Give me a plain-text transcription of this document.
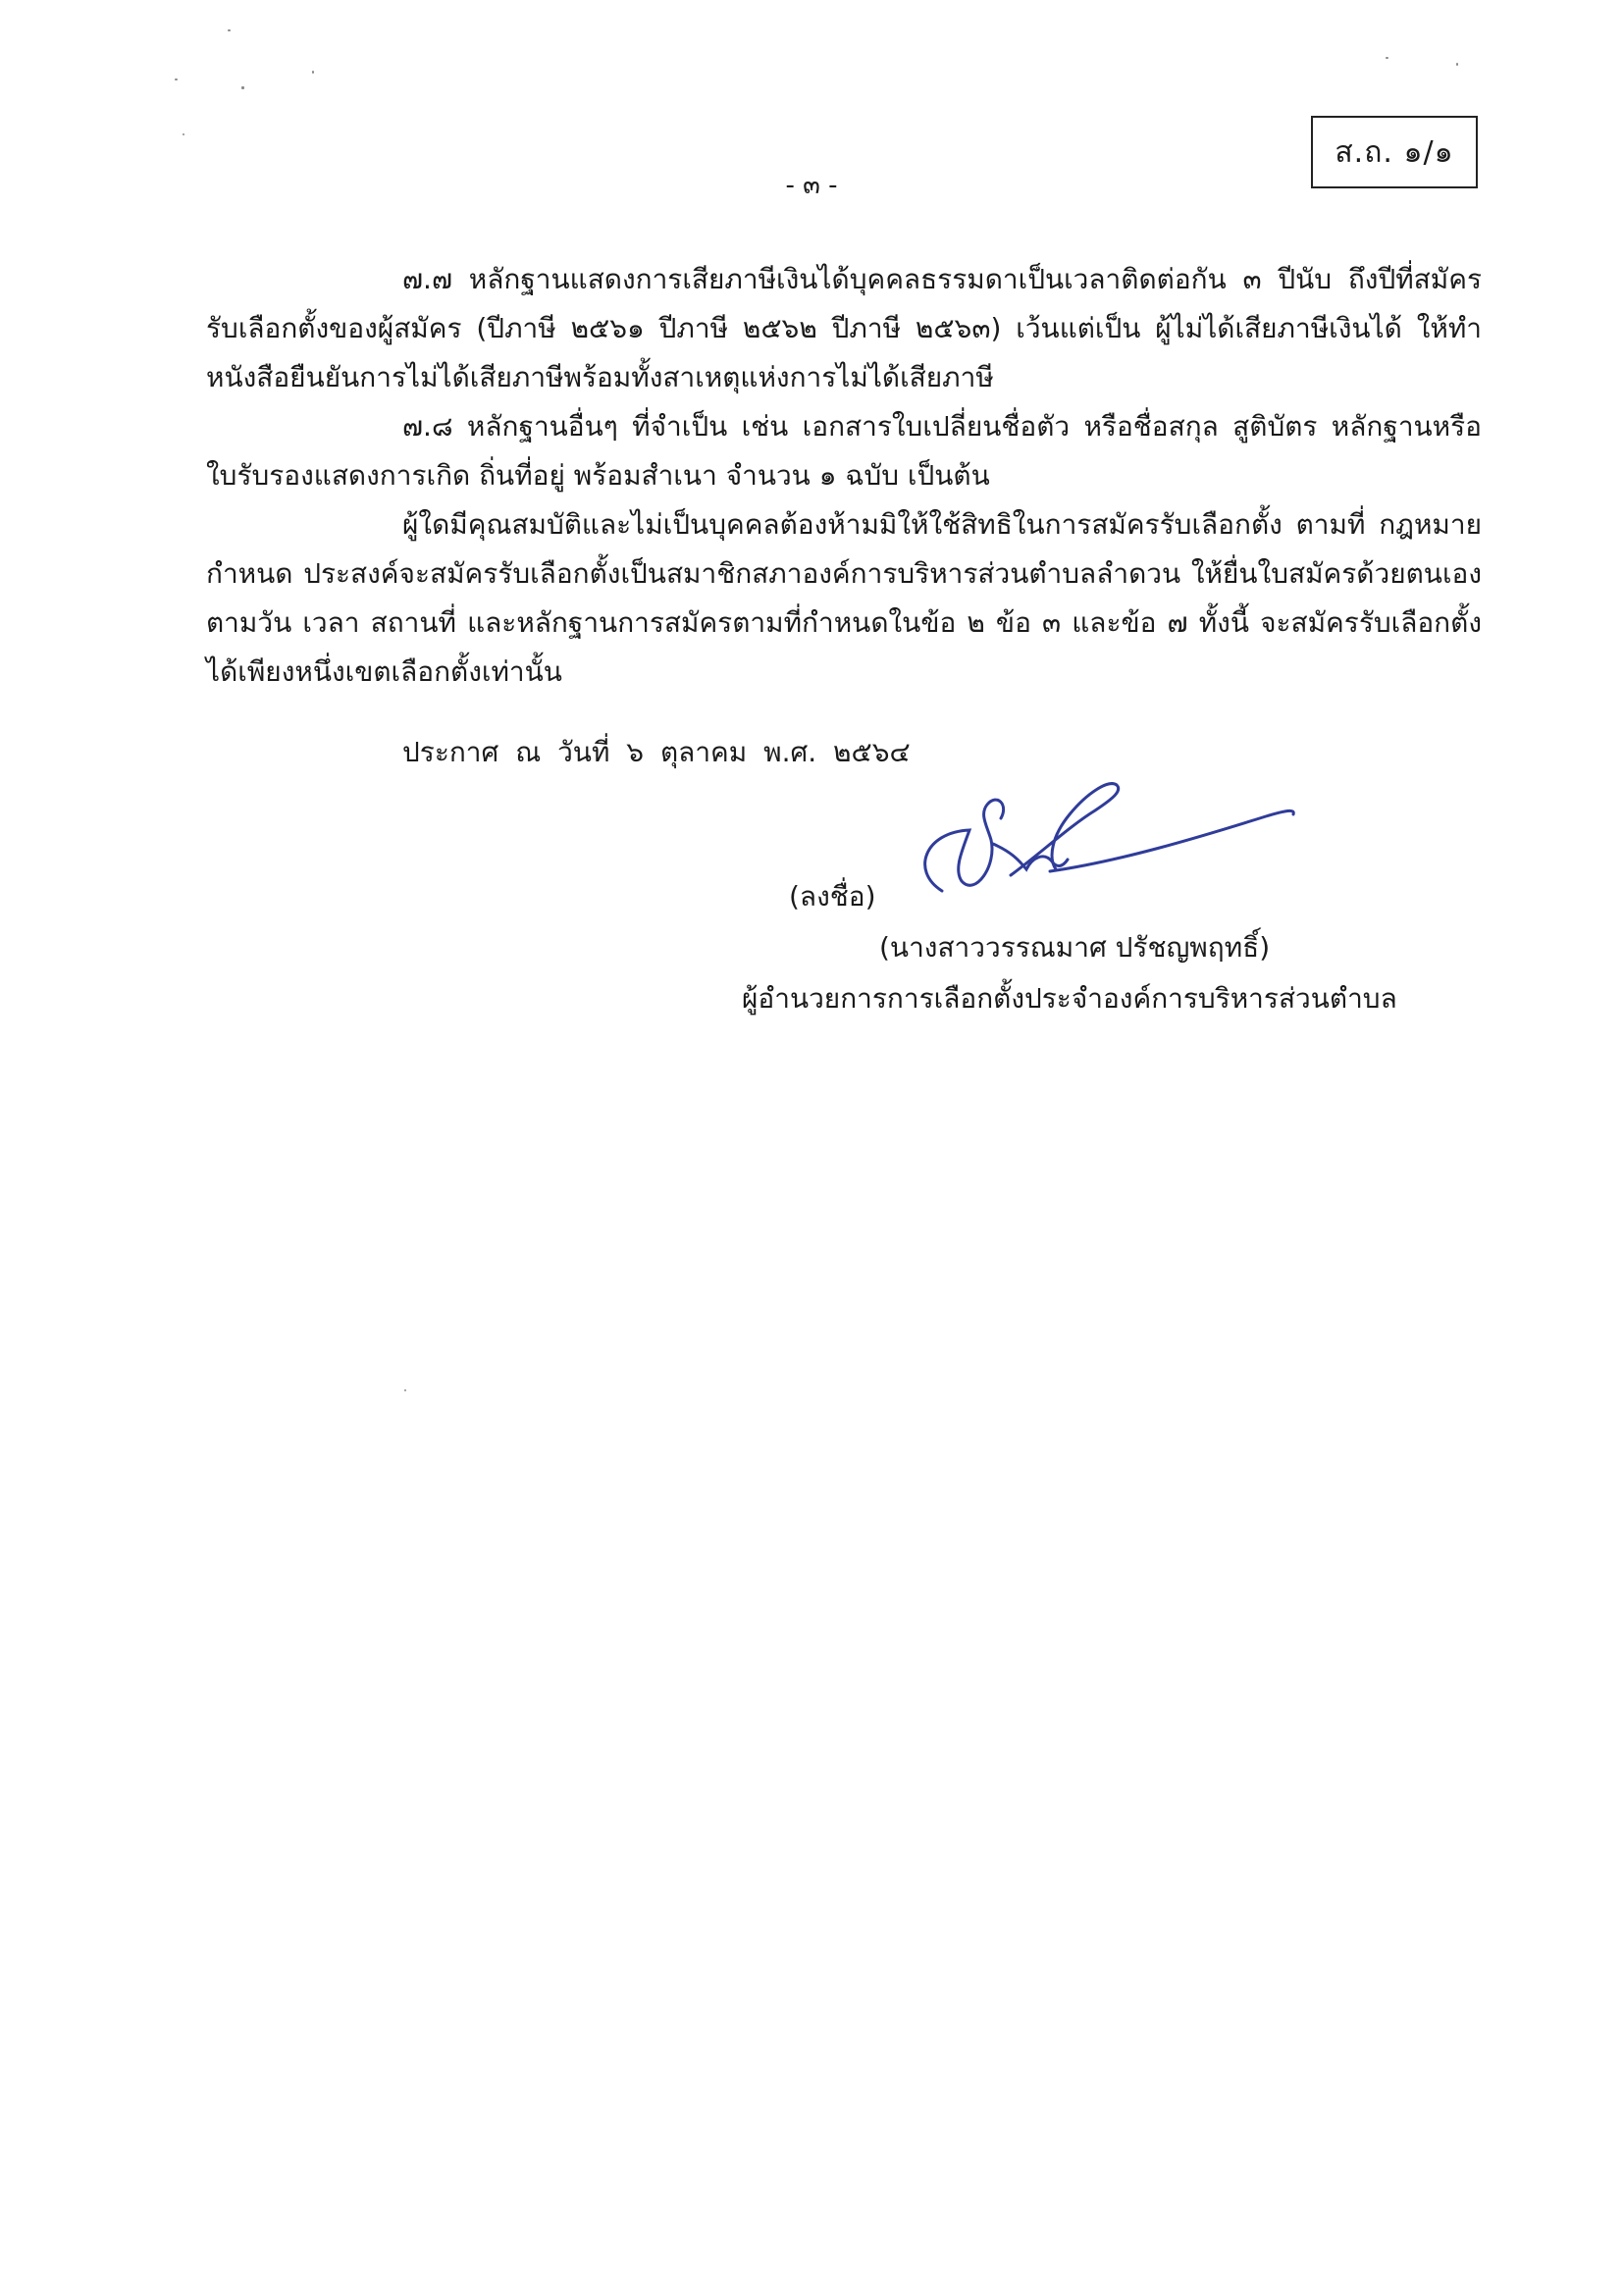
ส.ถ. ๑/๑
- ๓ -

๗.๗ หลักฐานแสดงการเสียภาษีเงินได้บุคคลธรรมดาเป็นเวลาติดต่อกัน ๓ ปีนับ ถึงปีที่สมัครรับเลือกตั้งของผู้สมัคร (ปีภาษี ๒๕๖๑ ปีภาษี ๒๕๖๒ ปีภาษี ๒๕๖๓) เว้นแต่เป็น ผู้ไม่ได้เสียภาษีเงินได้ ให้ทำหนังสือยืนยันการไม่ได้เสียภาษีพร้อมทั้งสาเหตุแห่งการไม่ได้เสียภาษี

๗.๘ หลักฐานอื่นๆ ที่จำเป็น เช่น เอกสารใบเปลี่ยนชื่อตัว หรือชื่อสกุล สูติบัตร หลักฐานหรือใบรับรองแสดงการเกิด ถิ่นที่อยู่ พร้อมสำเนา จำนวน ๑ ฉบับ เป็นต้น

ผู้ใดมีคุณสมบัติและไม่เป็นบุคคลต้องห้ามมิให้ใช้สิทธิในการสมัครรับเลือกตั้ง ตามที่ กฎหมายกำหนด ประสงค์จะสมัครรับเลือกตั้งเป็นสมาชิกสภาองค์การบริหารส่วนตำบลลำดวน ให้ยื่นใบสมัครด้วยตนเองตามวัน เวลา สถานที่ และหลักฐานการสมัครตามที่กำหนดในข้อ ๒ ข้อ ๓ และข้อ ๗ ทั้งนี้ จะสมัครรับเลือกตั้งได้เพียงหนึ่งเขตเลือกตั้งเท่านั้น

ประกาศ ณ วันที่ ๖ ตุลาคม พ.ศ. ๒๕๖๔
(ลงชื่อ)
(นางสาววรรณมาศ ปรัชญพฤทธิ์)
ผู้อำนวยการการเลือกตั้งประจำองค์การบริหารส่วนตำบล
